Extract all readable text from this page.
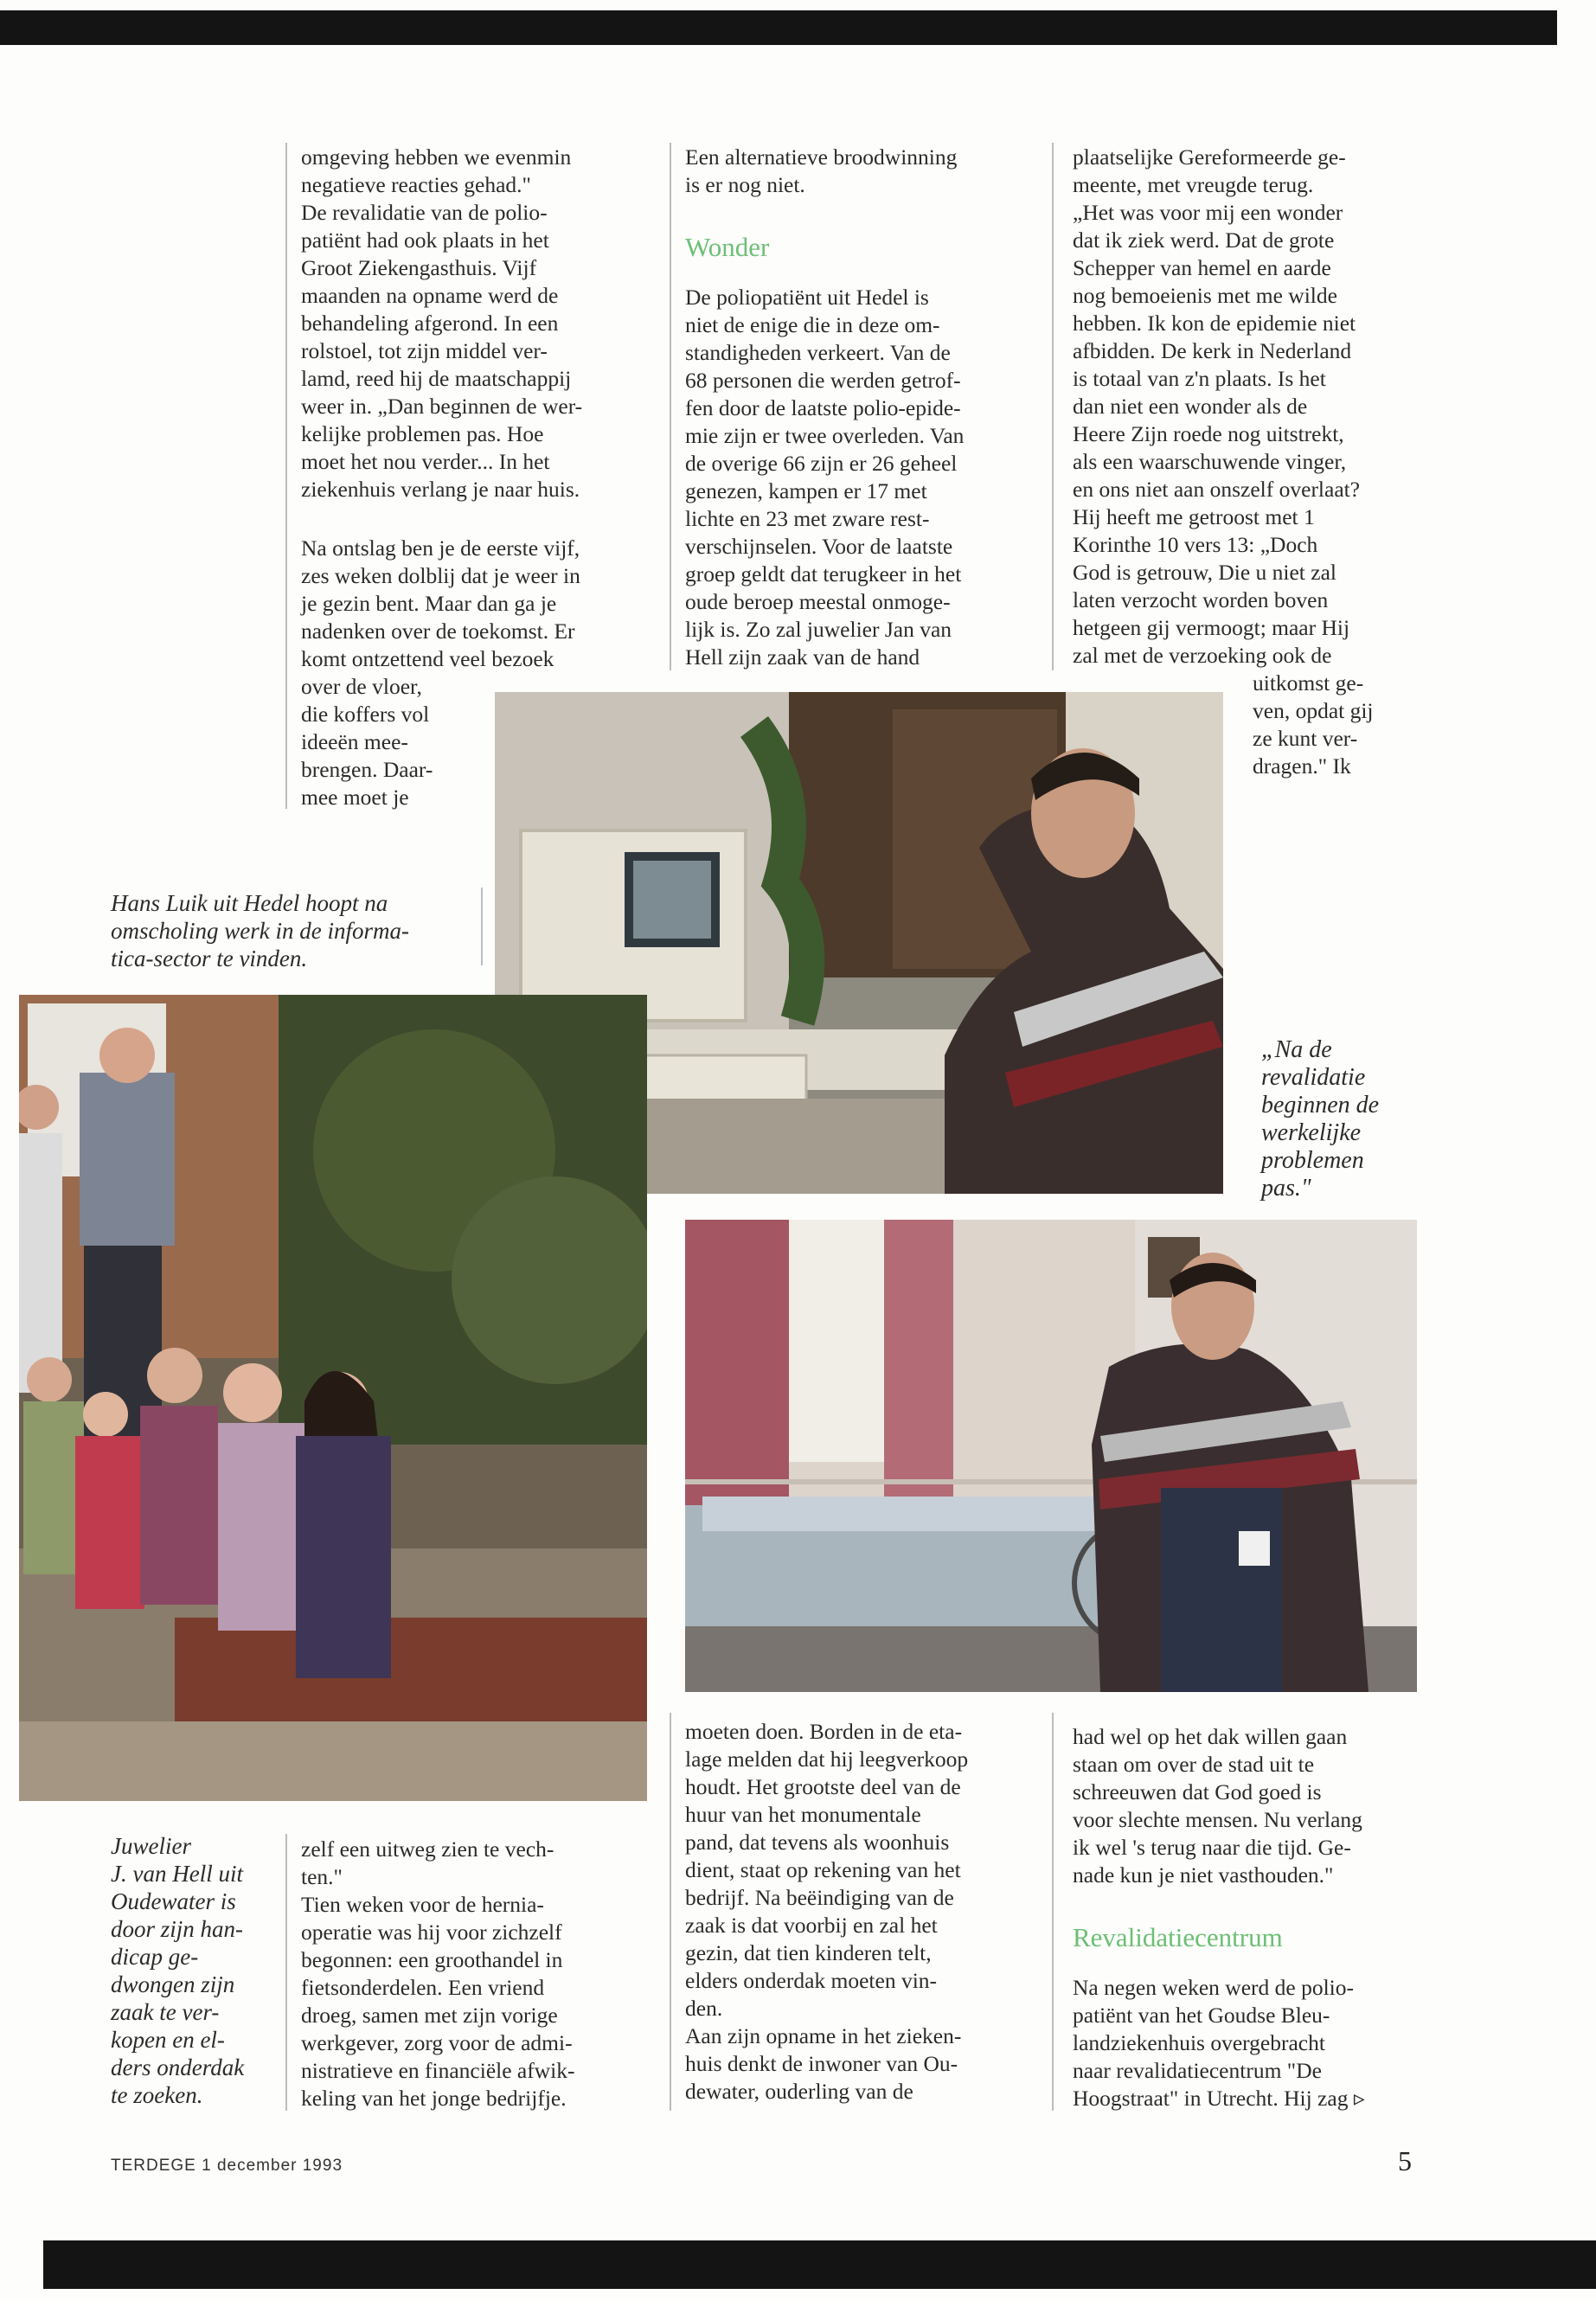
omgeving hebben we evenmin
negatieve reacties gehad."
De revalidatie van de polio-
patiënt had ook plaats in het
Groot Ziekengasthuis. Vijf
maanden na opname werd de
behandeling afgerond. In een
rolstoel, tot zijn middel ver-
lamd, reed hij de maatschappij
weer in. „Dan beginnen de wer-
kelijke problemen pas. Hoe
moet het nou verder... In het
ziekenhuis verlang je naar huis.
Na ontslag ben je de eerste vijf,
zes weken dolblij dat je weer in
je gezin bent. Maar dan ga je
nadenken over de toekomst. Er
komt ontzettend veel bezoek
over de vloer,
die koffers vol
ideeën mee-
brengen. Daar-
mee moet je
Een alternatieve broodwinning
is er nog niet.
Wonder
De poliopatiënt uit Hedel is
niet de enige die in deze om-
standigheden verkeert. Van de
68 personen die werden getrof-
fen door de laatste polio-epide-
mie zijn er twee overleden. Van
de overige 66 zijn er 26 geheel
genezen, kampen er 17 met
lichte en 23 met zware rest-
verschijnselen. Voor de laatste
groep geldt dat terugkeer in het
oude beroep meestal onmoge-
lijk is. Zo zal juwelier Jan van
Hell zijn zaak van de hand
plaatselijke Gereformeerde ge-
meente, met vreugde terug.
„Het was voor mij een wonder
dat ik ziek werd. Dat de grote
Schepper van hemel en aarde
nog bemoeienis met me wilde
hebben. Ik kon de epidemie niet
afbidden. De kerk in Nederland
is totaal van z'n plaats. Is het
dan niet een wonder als de
Heere Zijn roede nog uitstrekt,
als een waarschuwende vinger,
en ons niet aan onszelf overlaat?
Hij heeft me getroost met 1
Korinthe 10 vers 13: „Doch
God is getrouw, Die u niet zal
laten verzocht worden boven
hetgeen gij vermoogt; maar Hij
zal met de verzoeking ook de
uitkomst ge-
ven, opdat gij
ze kunt ver-
dragen." Ik
Hans Luik uit Hedel hoopt na
omscholing werk in de informa-
tica-sector te vinden.
„Na de
revalidatie
beginnen de
werkelijke
problemen
pas."
Juwelier
J. van Hell uit
Oudewater is
door zijn han-
dicap ge-
dwongen zijn
zaak te ver-
kopen en el-
ders onderdak
te zoeken.
zelf een uitweg zien te vech-
ten."
Tien weken voor de hernia-
operatie was hij voor zichzelf
begonnen: een groothandel in
fietsonderdelen. Een vriend
droeg, samen met zijn vorige
werkgever, zorg voor de admi-
nistratieve en financiële afwik-
keling van het jonge bedrijfje.
moeten doen. Borden in de eta-
lage melden dat hij leegverkoop
houdt. Het grootste deel van de
huur van het monumentale
pand, dat tevens als woonhuis
dient, staat op rekening van het
bedrijf. Na beëindiging van de
zaak is dat voorbij en zal het
gezin, dat tien kinderen telt,
elders onderdak moeten vin-
den.
Aan zijn opname in het zieken-
huis denkt de inwoner van Ou-
dewater, ouderling van de
had wel op het dak willen gaan
staan om over de stad uit te
schreeuwen dat God goed is
voor slechte mensen. Nu verlang
ik wel 's terug naar die tijd. Ge-
nade kun je niet vasthouden."
Revalidatiecentrum
Na negen weken werd de polio-
patiënt van het Goudse Bleu-
landziekenhuis overgebracht
naar revalidatiecentrum "De
Hoogstraat" in Utrecht. Hij zag ▹
TERDEGE 1 december 1993	5
